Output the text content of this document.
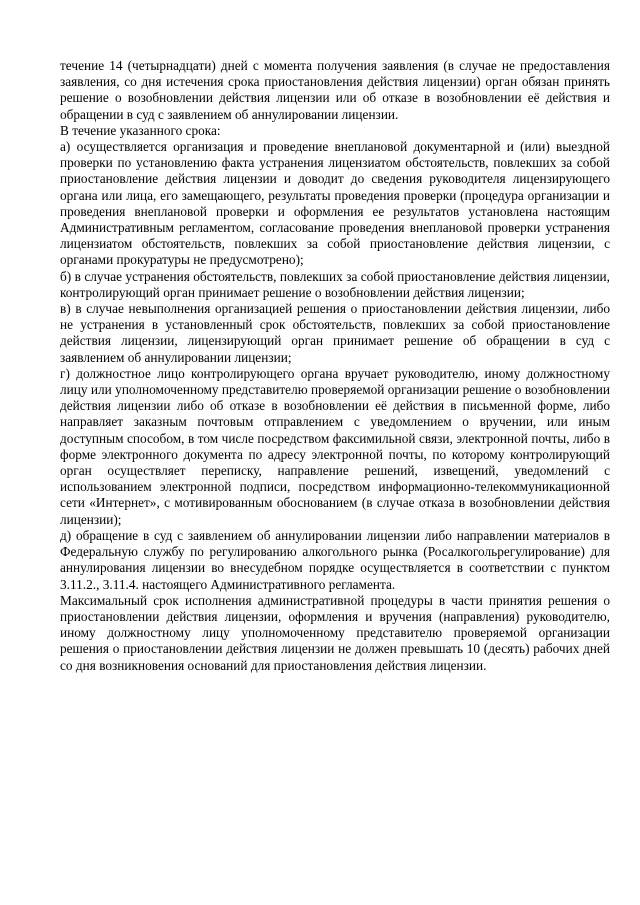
течение 14 (четырнадцати) дней с момента получения заявления (в случае не предоставления заявления, со дня истечения срока приостановления действия лицензии) орган обязан принять решение о возобновлении действия лицензии или об отказе в возобновлении её действия и обращении в суд с заявлением об аннулировании лицензии.

В течение указанного срока:

а) осуществляется организация и проведение внеплановой документарной и (или) выездной проверки по установлению факта устранения лицензиатом обстоятельств, повлекших за собой приостановление действия лицензии и доводит до сведения руководителя лицензирующего органа или лица, его замещающего, результаты проведения проверки (процедура организации и проведения внеплановой проверки и оформления ее результатов установлена настоящим Административным регламентом, согласование проведения внеплановой проверки устранения лицензиатом обстоятельств, повлекших за собой приостановление действия лицензии, с органами прокуратуры не предусмотрено);

б) в случае устранения обстоятельств, повлекших за собой приостановление действия лицензии, контролирующий орган принимает решение о возобновлении действия лицензии;

в) в случае невыполнения организацией решения о приостановлении действия лицензии, либо не устранения в установленный срок обстоятельств, повлекших за собой приостановление действия лицензии, лицензирующий орган принимает решение об обращении в суд с заявлением об аннулировании лицензии;

г) должностное лицо контролирующего органа вручает руководителю, иному должностному лицу или уполномоченному представителю проверяемой организации решение о возобновлении действия лицензии либо об отказе в возобновлении её действия в письменной форме, либо направляет заказным почтовым отправлением с уведомлением о вручении, или иным доступным способом, в том числе посредством факсимильной связи, электронной почты, либо в форме электронного документа по адресу электронной почты, по которому контролирующий орган осуществляет переписку, направление решений, извещений, уведомлений с использованием электронной подписи, посредством информационно-телекоммуникационной сети «Интернет», с мотивированным обоснованием (в случае отказа в возобновлении действия лицензии);

д) обращение в суд с заявлением об аннулировании лицензии либо направлении материалов в Федеральную службу по регулированию алкогольного рынка (Росалкогольрегулирование) для аннулирования лицензии во внесудебном порядке осуществляется в соответствии с пунктом 3.11.2., 3.11.4. настоящего Административного регламента.

Максимальный срок исполнения административной процедуры в части принятия решения о приостановлении действия лицензии, оформления и вручения (направления) руководителю, иному должностному лицу уполномоченному представителю проверяемой организации решения о приостановлении действия лицензии не должен превышать 10 (десять) рабочих дней со дня возникновения оснований для приостановления действия лицензии.
